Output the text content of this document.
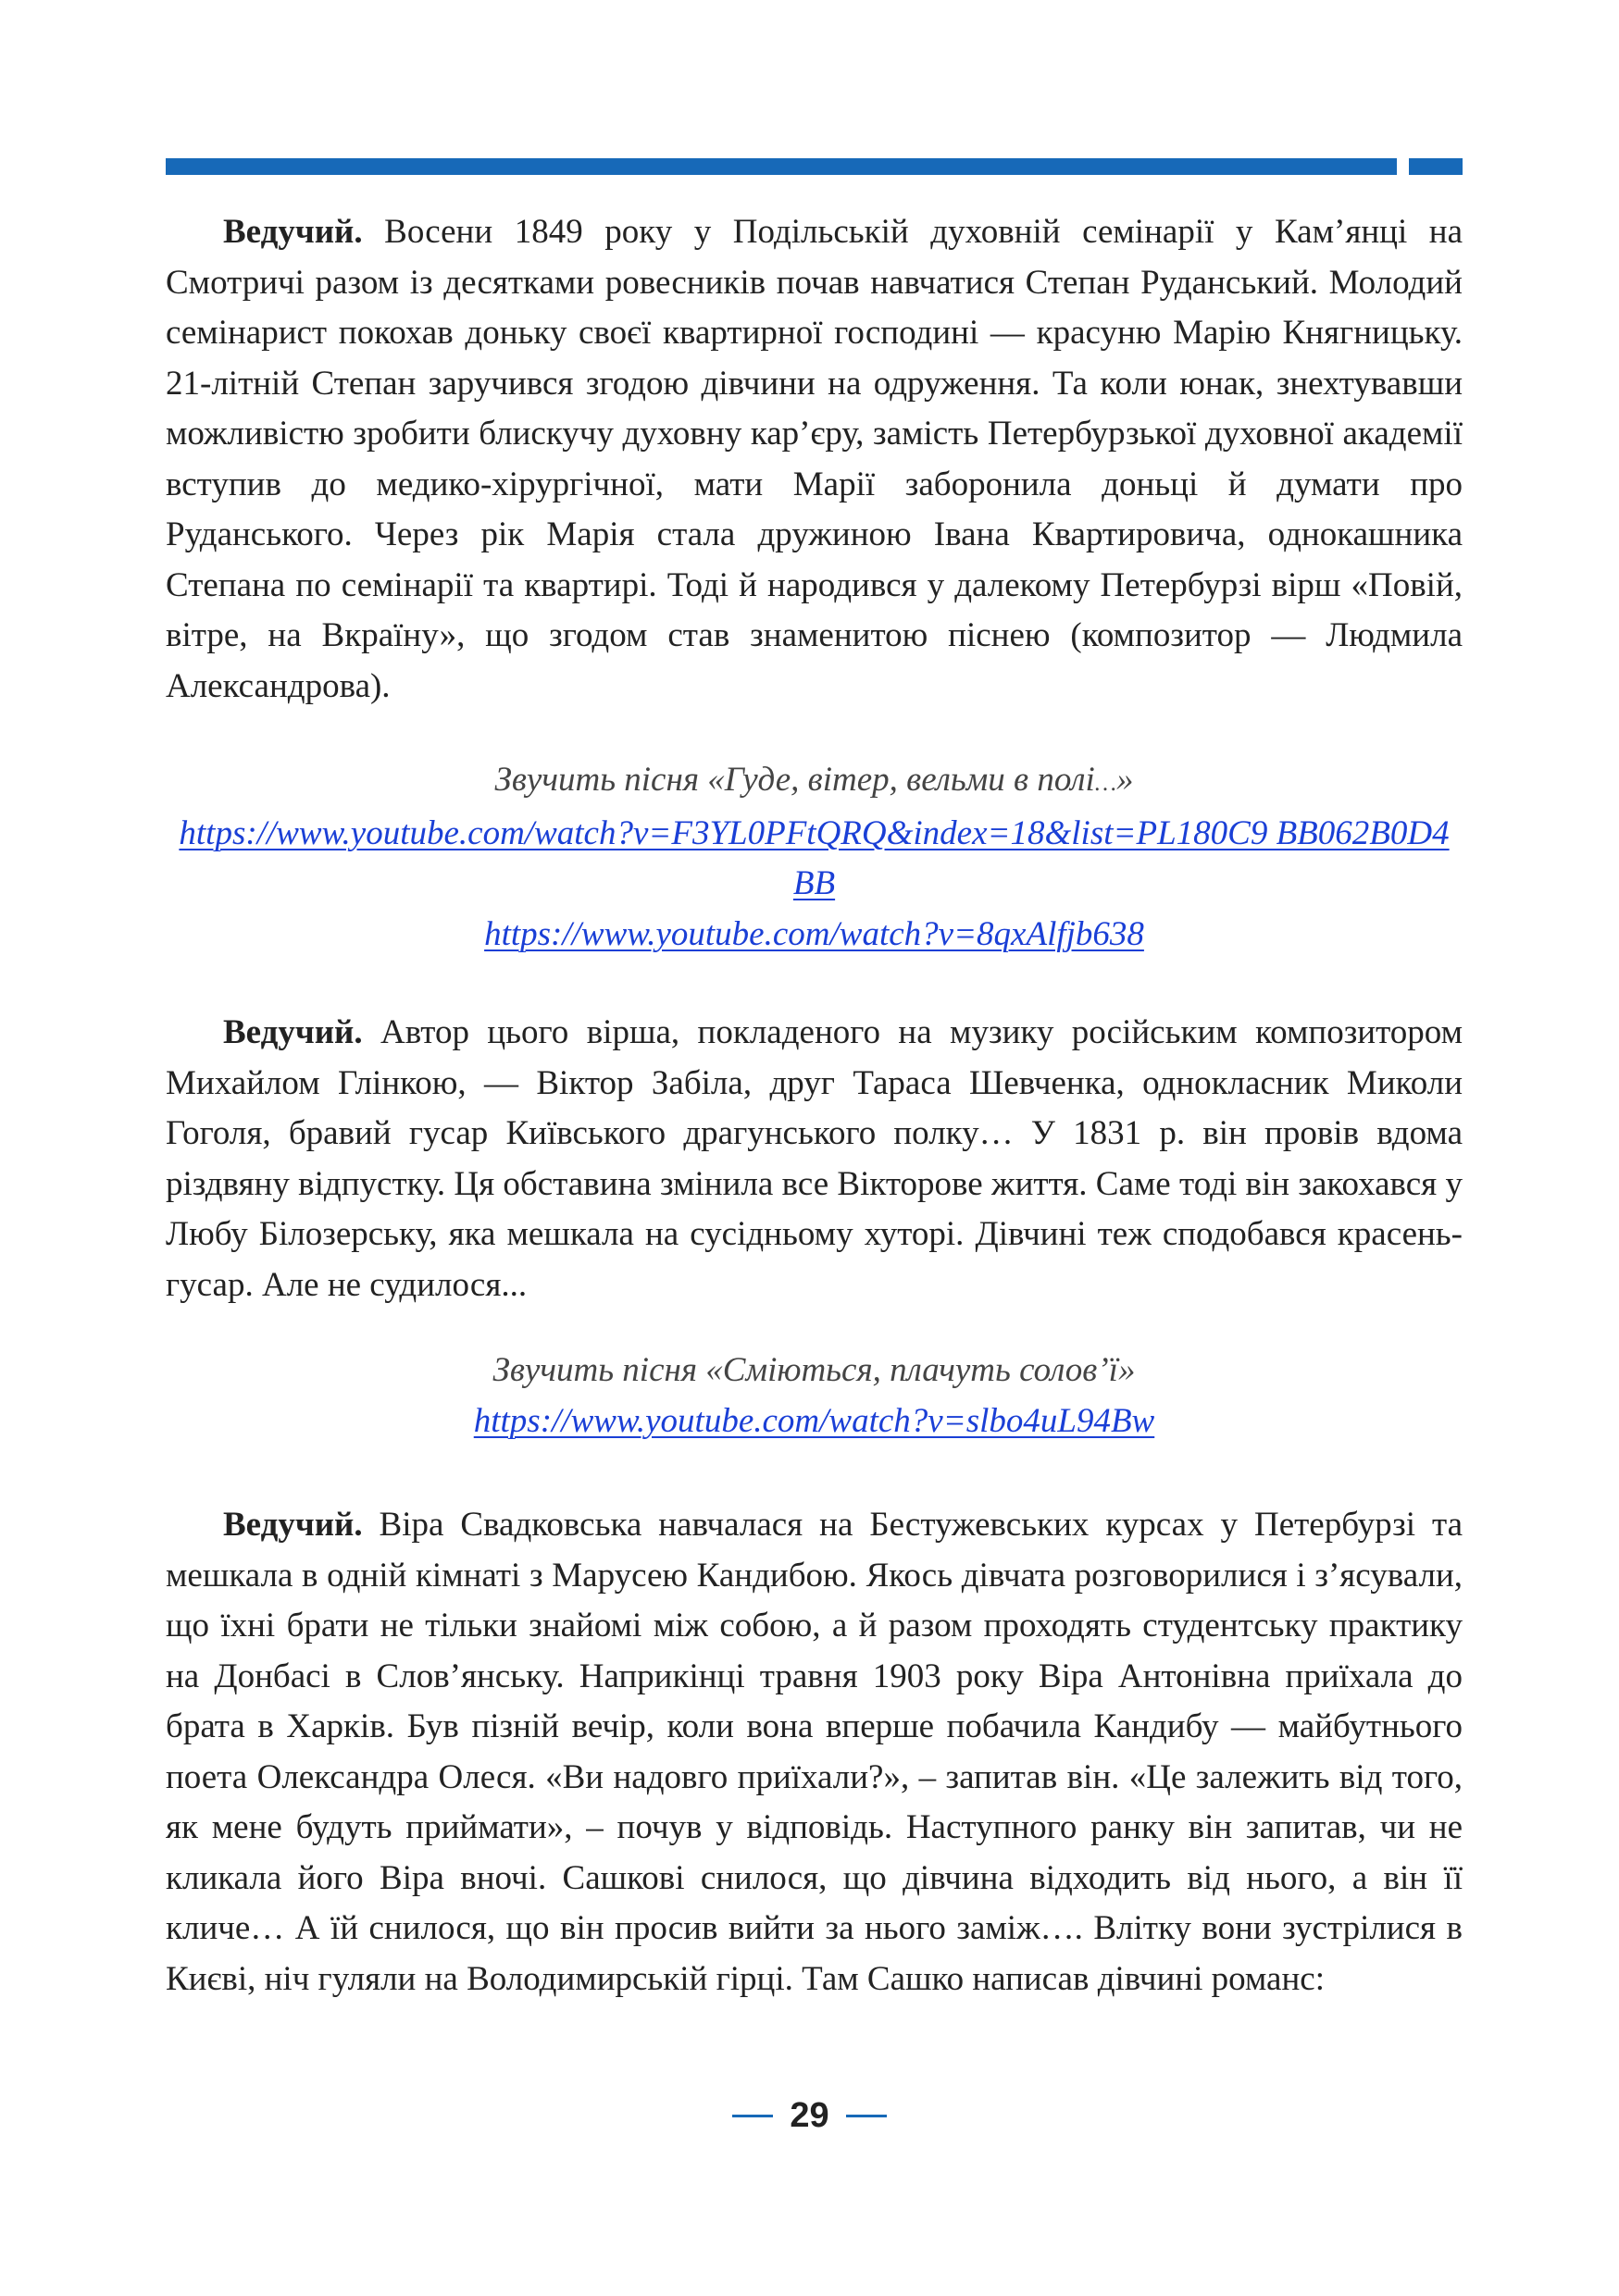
Ведучий. Восени 1849 року у Подільській духовній семінарії у Кам’янці на Смотричі разом із десятками ровесників почав навчатися Степан Руданський. Молодий семінарист покохав доньку своєї квартирної господині — красуню Марію Княгницьку. 21-літній Степан заручився згодою дівчини на одруження. Та коли юнак, знехтувавши можливістю зробити блискучу духовну кар’єру, замість Петербурзької духовної академії вступив до медико-хірургічної, мати Марії заборонила доньці й думати про Руданського. Через рік Марія стала дружиною Івана Квартировича, однокашника Степана по семінарії та квартирі. Тоді й народився у далекому Петербурзі вірш «Повій, вітре, на Вкраїну», що згодом став знаменитою піснею (композитор — Людмила Александрова).

Звучить пісня «Гуде, вітер, вельми в полі…»
https://www.youtube.com/watch?v=F3YL0PFtQRQ&index=18&list=PL180C9 BB062B0D4BB
https://www.youtube.com/watch?v=8qxAlfjb638

Ведучий. Автор цього вірша, покладеного на музику російським композитором Михайлом Глінкою, — Віктор Забіла, друг Тараса Шевченка, однoкласник Миколи Гоголя, бравий гусар Київського драгунського полку… У 1831 р. він провів вдома різдвяну відпустку. Ця обставина змінила все Вікторове життя. Саме тоді він закохався у Любу Білозерську, яка мешкала на сусідньому хуторі. Дівчині теж сподобався красень-гусар. Але не судилося...

Звучить пісня «Сміються, плачуть солов’ї»
https://www.youtube.com/watch?v=slbo4uL94Bw

Ведучий. Віра Свадковська навчалася на Бестужевських курсах у Петербурзі та мешкала в одній кімнаті з Марусею Кандибою. Якось дівчата розговорилися і з’ясували, що їхні брати не тільки знайомі між собою, а й разом проходять студентську практику на Донбасі в Слов’янську. Наприкінці травня 1903 року Віра Антонівна приїхала до брата в Харків. Був пізній вечір, коли вона вперше побачила Кандибу — майбутнього поета Олександра Олеся. «Ви надовго приїхали?», – запитав він. «Це залежить від того, як мене будуть приймати», – почув у відповідь. Наступного ранку він запитав, чи не кликала його Віра вночі. Сашкові снилося, що дівчина відходить від нього, а він її кличе… А їй снилося, що він просив вийти за нього заміж…. Влітку вони зустрілися в Києві, ніч гуляли на Володимирській гірці. Там Сашко написав дівчині романс:

29
